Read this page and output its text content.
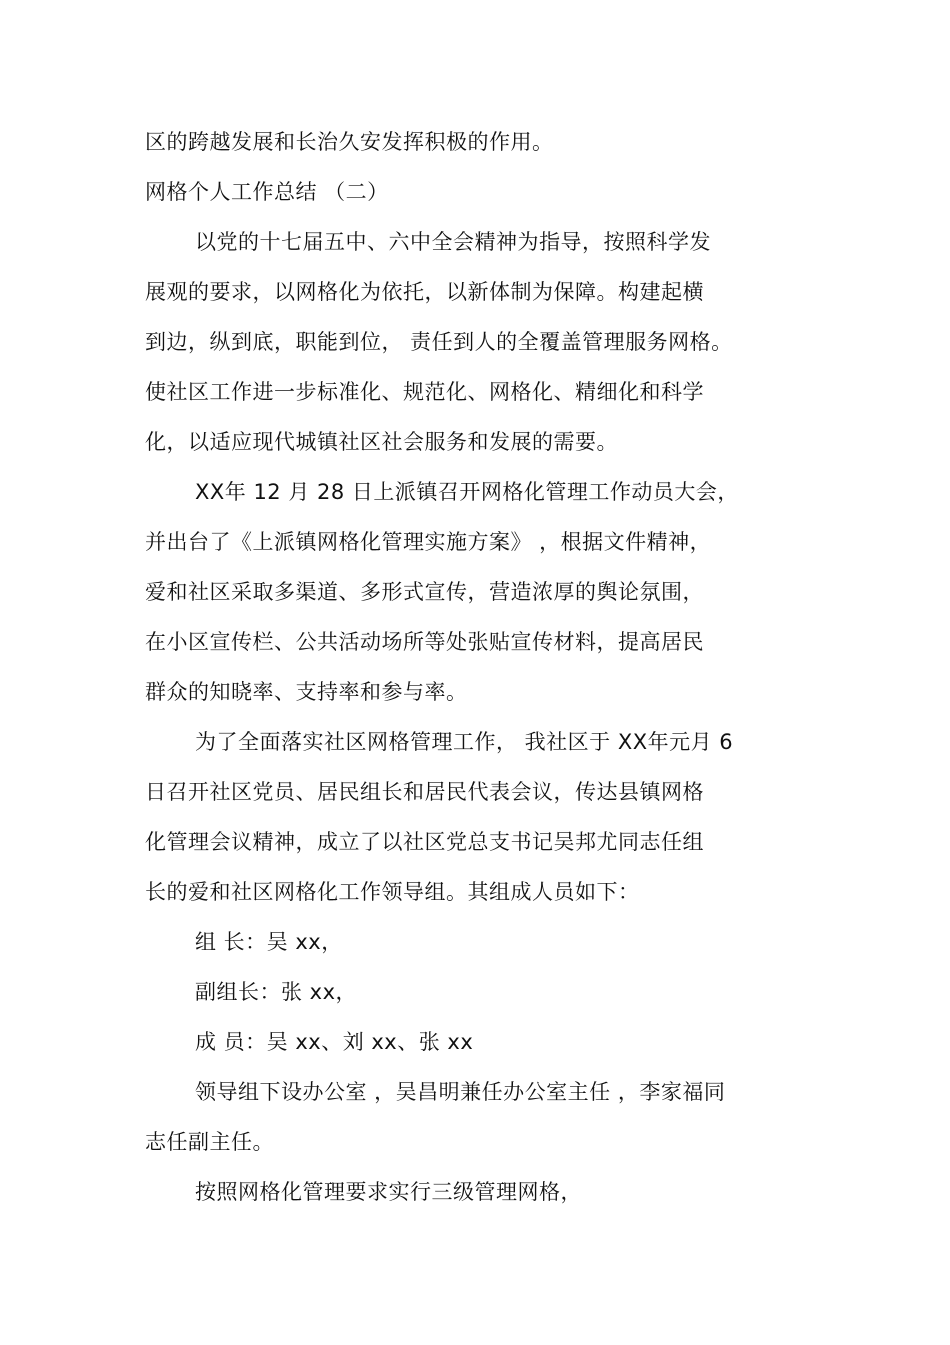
区的跨越发展和长治久安发挥积极的作用。
网格个人工作总结 （二）
以党的十七届五中、六中全会精神为指导，按照科学发
展观的要求，以网格化为依托，以新体制为保障。构建起横
到边，纵到底，职能到位， 责任到人的全覆盖管理服务网格。
使社区工作进一步标准化、规范化、网格化、精细化和科学
化，以适应现代城镇社区社会服务和发展的需要。
XX年 12 月 28 日上派镇召开网格化管理工作动员大会，
并出台了《上派镇网格化管理实施方案》 ，根据文件精神，
爱和社区采取多渠道、多形式宣传，营造浓厚的舆论氛围，
在小区宣传栏、公共活动场所等处张贴宣传材料，提高居民
群众的知晓率、支持率和参与率。
为了全面落实社区网格管理工作， 我社区于 XX年元月 6
日召开社区党员、居民组长和居民代表会议，传达县镇网格
化管理会议精神，成立了以社区党总支书记吴邦尤同志任组
长的爱和社区网格化工作领导组。其组成人员如下：
组 长：吴 xx，
副组长：张 xx，
成 员：吴 xx、刘 xx、张 xx
领导组下设办公室 ，吴昌明兼任办公室主任 ，李家福同
志任副主任。
按照网格化管理要求实行三级管理网格，
